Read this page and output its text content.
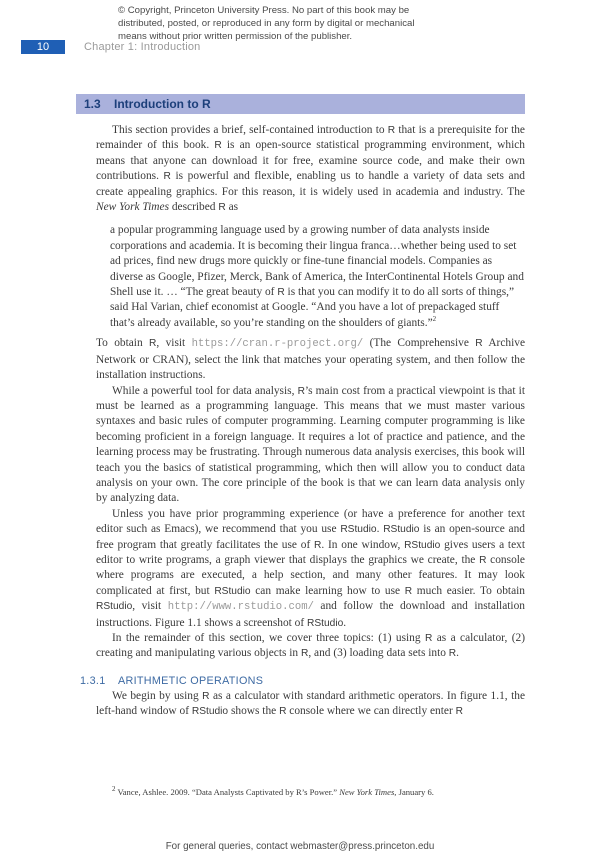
© Copyright, Princeton University Press. No part of this book may be
distributed, posted, or reproduced in any form by digital or mechanical
means without prior written permission of the publisher.
10	Chapter 1: Introduction
1.3 Introduction to R

This section provides a brief, self-contained introduction to R that is a prerequisite for the remainder of this book. R is an open-source statistical programming environment, which means that anyone can download it for free, examine source code, and make their own contributions. R is powerful and flexible, enabling us to handle a variety of data sets and create appealing graphics. For this reason, it is widely used in academia and industry. The New York Times described R as

a popular programming language used by a growing number of data analysts inside corporations and academia. It is becoming their lingua franca…whether being used to set ad prices, find new drugs more quickly or fine-tune financial models. Companies as diverse as Google, Pfizer, Merck, Bank of America, the InterContinental Hotels Group and Shell use it. … “The great beauty of R is that you can modify it to do all sorts of things,” said Hal Varian, chief economist at Google. “And you have a lot of prepackaged stuff that’s already available, so you’re standing on the shoulders of giants.”$^2$

To obtain R, visit https://cran.r-project.org/ (The Comprehensive R Archive Network or CRAN), select the link that matches your operating system, and then follow the installation instructions.

While a powerful tool for data analysis, R’s main cost from a practical viewpoint is that it must be learned as a programming language. This means that we must master various syntaxes and basic rules of computer programming. Learning computer programming is like becoming proficient in a foreign language. It requires a lot of practice and patience, and the learning process may be frustrating. Through numerous data analysis exercises, this book will teach you the basics of statistical programming, which then will allow you to conduct data analysis on your own. The core principle of the book is that we can learn data analysis only by analyzing data.

Unless you have prior programming experience (or have a preference for another text editor such as Emacs), we recommend that you use RStudio. RStudio is an open-source and free program that greatly facilitates the use of R. In one window, RStudio gives users a text editor to write programs, a graph viewer that displays the graphics we create, the R console where programs are executed, a help section, and many other features. It may look complicated at first, but RStudio can make learning how to use R much easier. To obtain RStudio, visit http://www.rstudio.com/ and follow the download and installation instructions. Figure 1.1 shows a screenshot of RStudio.

In the remainder of this section, we cover three topics: (1) using R as a calculator, (2) creating and manipulating various objects in R, and (3) loading data sets into R.

1.3.1 ARITHMETIC OPERATIONS

We begin by using R as a calculator with standard arithmetic operators. In figure 1.1, the left-hand window of RStudio shows the R console where we can directly enter R

$^2$ Vance, Ashlee. 2009. “Data Analysts Captivated by R’s Power.” New York Times, January 6.
For general queries, contact webmaster@press.princeton.edu
